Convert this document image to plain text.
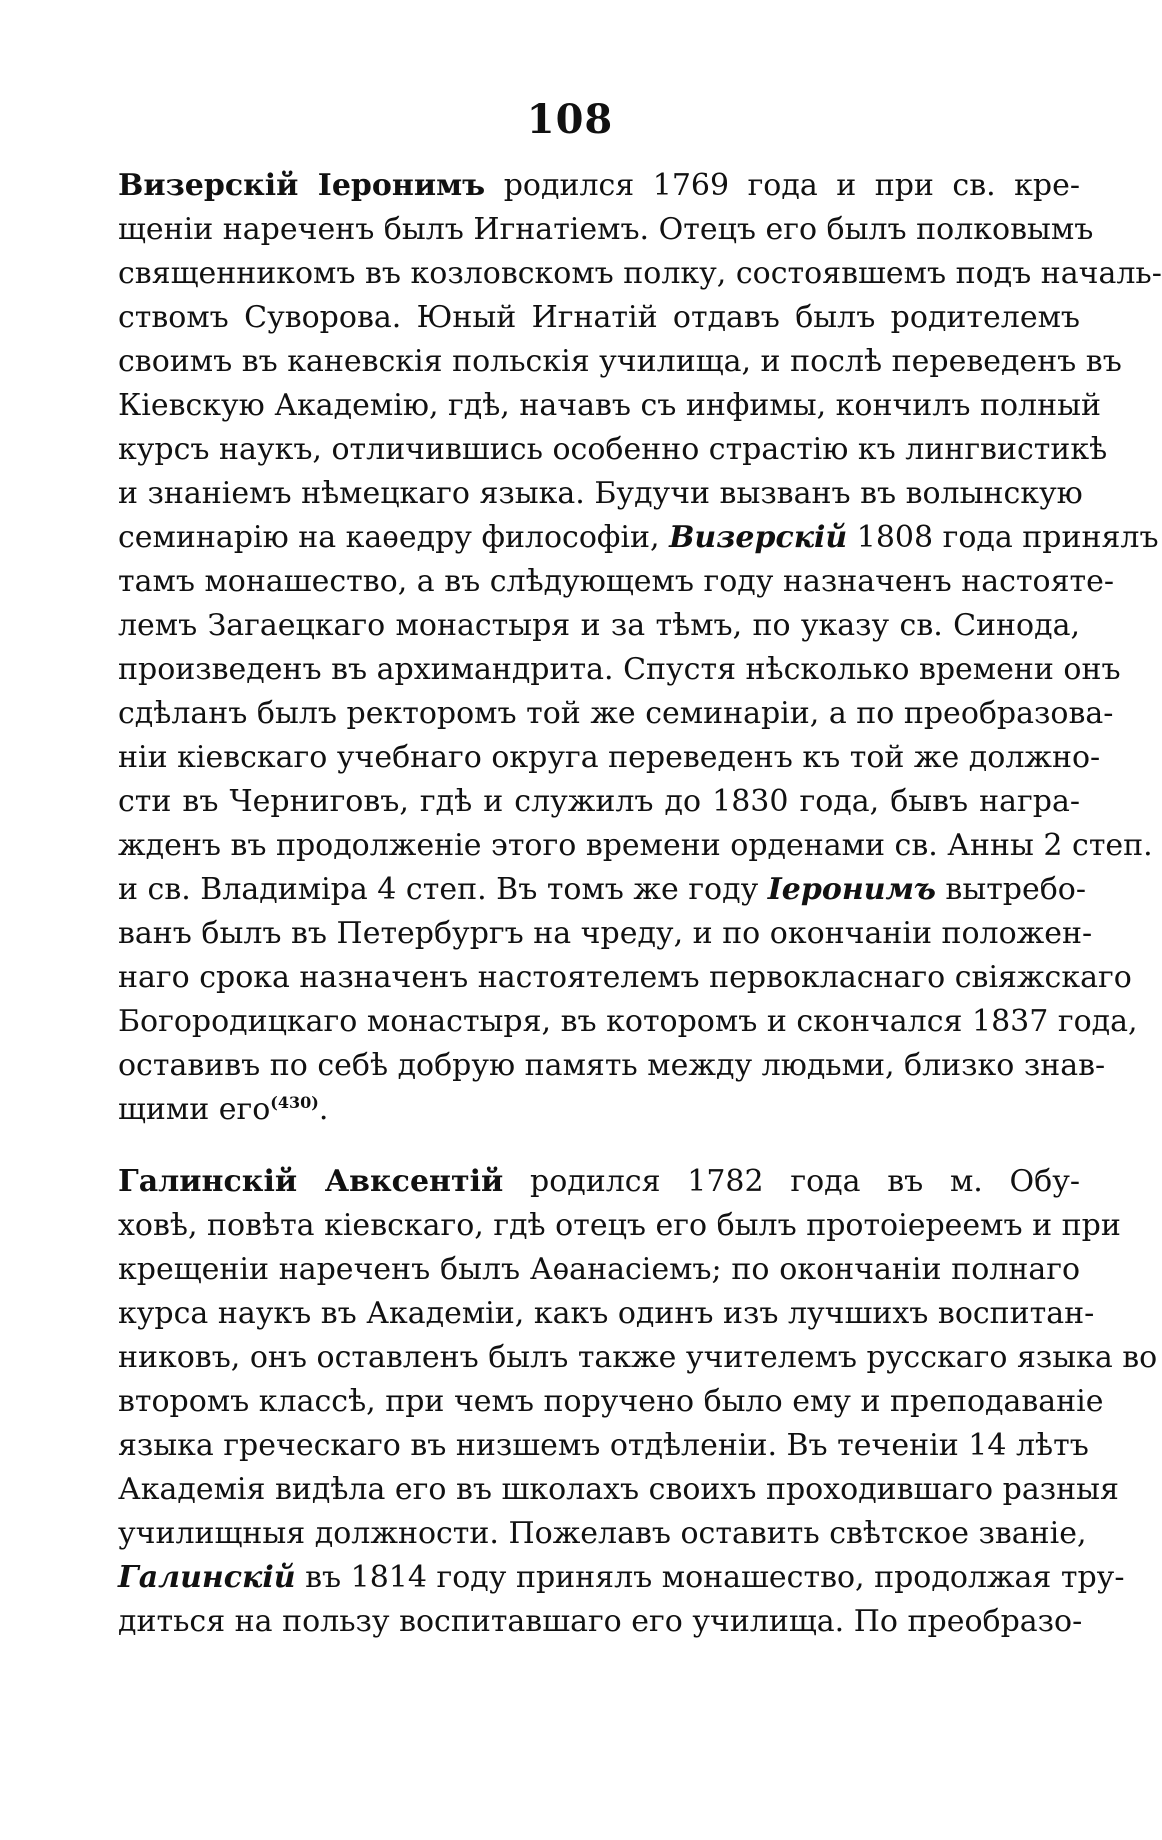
108
Визерскій Іеронимъ родился 1769 года и при св. кре-
щеніи нареченъ былъ Игнатіемъ. Отецъ его былъ полковымъ
священникомъ въ козловскомъ полку, состоявшемъ подъ началь-
ствомъ Суворова. Юный Игнатій отдавъ былъ родителемъ
своимъ въ каневскія польскія училища, и послѣ переведенъ въ
Кіевскую Академію, гдѣ, начавъ съ инфимы, кончилъ полный
курсъ наукъ, отличившись особенно страстію къ лингвистикѣ
и знаніемъ нѣмецкаго языка. Будучи вызванъ въ волынскую
семинарію на каѳедру философіи, Визерскій 1808 года принялъ
тамъ монашество, а въ слѣдующемъ году назначенъ настоятe-
лемъ Загаецкаго монастыря и за тѣмъ, по указу св. Синода,
произведенъ въ архимандрита. Спустя нѣсколько времени онъ
сдѣланъ былъ ректоромъ той же семинаріи, а по преобразова-
ніи кіевскаго учебнаго округа переведенъ къ той же должно-
сти въ Черниговъ, гдѣ и служилъ до 1830 года, бывъ награ-
жденъ въ продолженіе этого времени орденами св. Анны 2 степ.
и св. Владиміра 4 степ. Въ томъ же году Іеронимъ вытребо-
ванъ былъ въ Петербургъ на чреду, и по окончаніи положен-
наго срока назначенъ настоятелемъ первокласнаго свіяжскаго
Богородицкаго монастыря, въ которомъ и скончался 1837 года,
оставивъ по себѣ добрую память между людьми, близко знав-
щими его$^{(430)}$.
Галинскій Авксентій родился 1782 года въ м. Обу-
ховѣ, повѣта кіевскаго, гдѣ отецъ его былъ протоіереемъ и при
крещеніи нареченъ былъ Аѳанасіемъ; по окончаніи полнаго
курса наукъ въ Академіи, какъ одинъ изъ лучшихъ воспитан-
никовъ, онъ оставленъ былъ также учителемъ русскаго языка во
второмъ классѣ, при чемъ поручено было ему и преподаваніе
языка греческаго въ низшемъ отдѣленіи. Въ теченіи 14 лѣтъ
Академія видѣла его въ школахъ своихъ проходившаго разныя
училищныя должности. Пожелавъ оставить свѣтское званіе,
Галинскій въ 1814 году принялъ монашество, продолжая тру-
диться на пользу воспитавшаго его училища. По преобразо-
